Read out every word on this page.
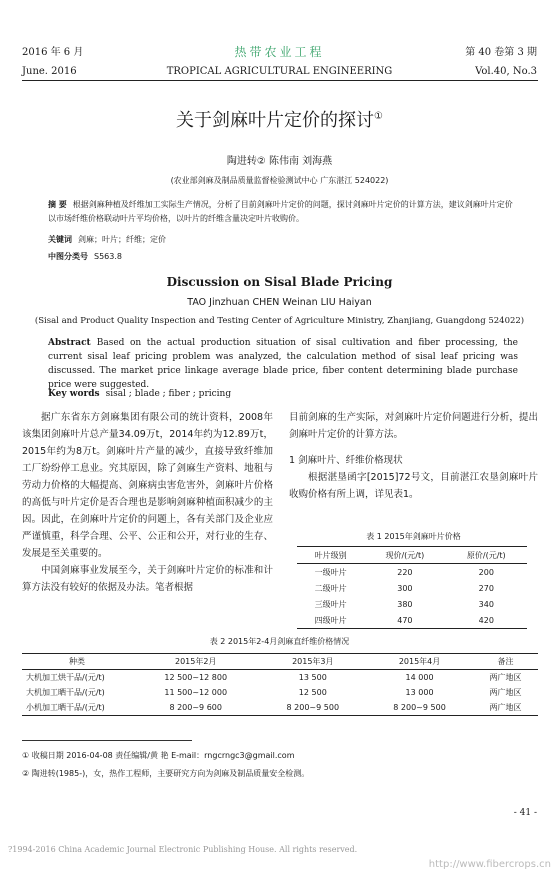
2016 年 6 月
June. 2016
热带农业工程
TROPICAL AGRICULTURAL ENGINEERING
第 40 卷第 3 期
Vol.40, No.3
关于剑麻叶片定价的探讨①
陶进转② 陈伟南 刘海燕
(农业部剑麻及制品质量监督检验测试中心 广东湛江 524022)
摘 要 根据剑麻种植及纤维加工实际生产情况，分析了目前剑麻叶片定价的问题，探讨剑麻叶片定价的计算方法，建议剑麻叶片定价以市场纤维价格联动叶片平均价格，以叶片的纤维含量决定叶片收购价。
关键词 剑麻；叶片；纤维；定价
中图分类号 S563.8
Discussion on Sisal Blade Pricing
TAO Jinzhuan CHEN Weinan LIU Haiyan
(Sisal and Product Quality Inspection and Testing Center of Agriculture Ministry, Zhanjiang, Guangdong 524022)
Abstract Based on the actual production situation of sisal cultivation and fiber processing, the current sisal leaf pricing problem was analyzed, the calculation method of sisal leaf pricing was discussed. The market price linkage average blade price, fiber content determining blade purchase price were suggested.
Key words sisal ; blade ; fiber ; pricing

据广东省东方剑麻集团有限公司的统计资料，2008年该集团剑麻叶片总产量34.09万t，2014年约为12.89万t，2015年约为8万t。剑麻叶片产量的减少，直接导致纤维加工厂纷纷停工息业。究其原因，除了剑麻生产资料、地租与劳动力价格的大幅提高、剑麻病虫害危害外，剑麻叶片价格的高低与叶片定价是否合理也是影响剑麻种植面积减少的主因。因此，在剑麻叶片定价的问题上，各有关部门及企业应严谨慎重，科学合理、公平、公正和公开，对行业的生存、发展是至关重要的。

中国剑麻事业发展至今，关于剑麻叶片定价的标准和计算方法没有较好的依据及办法。笔者根据

目前剑麻的生产实际，对剑麻叶片定价问题进行分析，提出剑麻叶片定价的计算方法。

1 剑麻叶片、纤维价格现状

根据湛垦函字[2015]72号文，目前湛江农垦剑麻叶片收购价格有所上调，详见表1。

表 1 2015年剑麻叶片价格
叶片级别	现价/(元/t)	原价/(元/t)
一级叶片	220	200
二级叶片	300	270
三级叶片	380	340
四级叶片	470	420
表 2 2015年2-4月剑麻直纤维价格情况
种类	2015年2月	2015年3月	2015年4月	备注
大机加工烘干品/(元/t)	12 500~12 800	13 500	14 000	两广地区
大机加工晒干品/(元/t)	11 500~12 000	12 500	13 000	两广地区
小机加工晒干品/(元/t)	8 200~9 600	8 200~9 500	8 200~9 500	两广地区
① 收稿日期 2016-04-08 责任编辑/黄 艳 E-mail：rngcrngc3@gmail.com
② 陶进转(1985-)，女，热作工程师，主要研究方向为剑麻及制品质量安全检测。
- 41 -
?1994-2016 China Academic Journal Electronic Publishing House. All rights reserved.
http://www.fibercrops.cn
